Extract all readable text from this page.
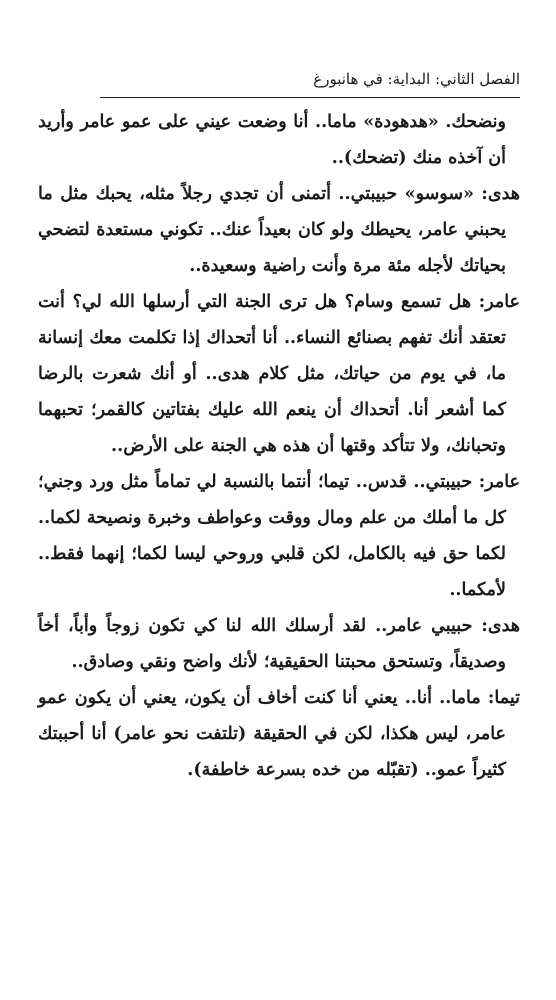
الفصل الثاني: البداية: في هانبورغ

ونضحك. «هدهودة» ماما.. أنا وضعت عيني على عمو عامر وأريد أن آخذه منك (تضحك)..

هدى: «سوسو» حبيبتي.. أتمنى أن تجدي رجلاً مثله، يحبك مثل ما يحبني عامر، يحيطك ولو كان بعيداً عنك.. تكوني مستعدة لتضحي بحياتك لأجله مئة مرة وأنت راضية وسعيدة..

عامر: هل تسمع وسام؟ هل ترى الجنة التي أرسلها الله لي؟ أنت تعتقد أنك تفهم بصنائع النساء.. أنا أتحداك إذا تكلمت معك إنسانة ما، في يوم من حياتك، مثل كلام هدى.. أو أنك شعرت بالرضا كما أشعر أنا. أتحداك أن ينعم الله عليك بفتاتين كالقمر؛ تحبهما وتحبانك، ولا تتأكد وقتها أن هذه هي الجنة على الأرض..

عامر: حبيبتي.. قدس.. تيما؛ أنتما بالنسبة لي تماماً مثل ورد وجني؛ كل ما أملك من علم ومال ووقت وعواطف وخبرة ونصيحة لكما.. لكما حق فيه بالكامل، لكن قلبي وروحي ليسا لكما؛ إنهما فقط.. لأمكما..

هدى: حبيبي عامر.. لقد أرسلك الله لنا كي تكون زوجاً وأباً، أخاً وصديقاً، وتستحق محبتنا الحقيقية؛ لأنك واضح ونقي وصادق..

تيما: ماما.. أنا.. يعني أنا كنت أخاف أن يكون، يعني أن يكون عمو عامر، ليس هكذا، لكن في الحقيقة (تلتفت نحو عامر) أنا أحببتك كثيراً عمو.. (تقبّله من خده بسرعة خاطفة).
